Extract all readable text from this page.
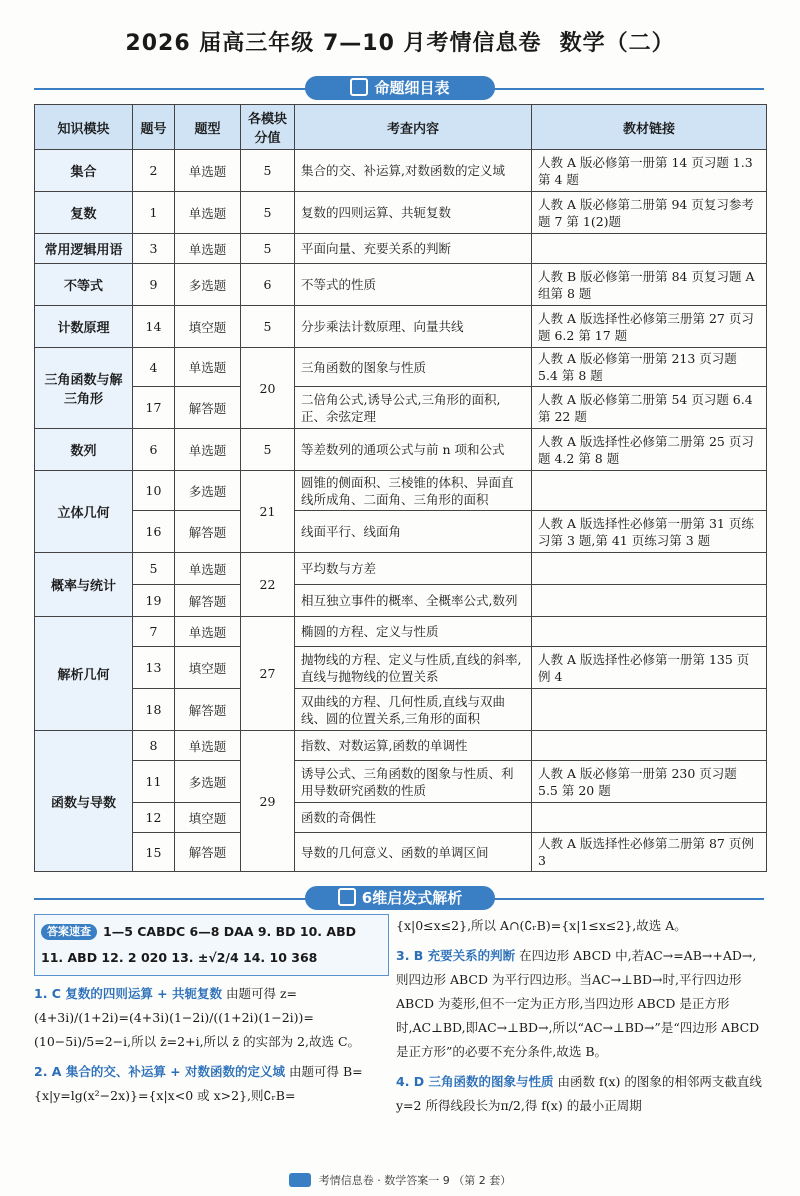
2026 届高三年级 7—10 月考情信息卷 数学（二）
命题细目表
知识模块	题号	题型	各模块分值	考查内容	教材链接
集合	2	单选题	5	集合的交、补运算,对数函数的定义域	人教 A 版必修第一册第 14 页习题 1.3 第 4 题
复数	1	单选题	5	复数的四则运算、共轭复数	人教 A 版必修第二册第 94 页复习参考题 7 第 1(2)题
常用逻辑用语	3	单选题	5	平面向量、充要关系的判断	
不等式	9	多选题	6	不等式的性质	人教 B 版必修第一册第 84 页复习题 A 组第 8 题
计数原理	14	填空题	5	分步乘法计数原理、向量共线	人教 A 版选择性必修第三册第 27 页习题 6.2 第 17 题
三角函数与解三角形	4	单选题	20	三角函数的图象与性质	人教 A 版必修第一册第 213 页习题 5.4 第 8 题
	17	解答题		二倍角公式,诱导公式,三角形的面积,正、余弦定理	人教 A 版必修第二册第 54 页习题 6.4 第 22 题
数列	6	单选题	5	等差数列的通项公式与前 n 项和公式	人教 A 版选择性必修第二册第 25 页习题 4.2 第 8 题
立体几何	10	多选题	21	圆锥的侧面积、三棱锥的体积、异面直线所成角、二面角、三角形的面积	
	16	解答题		线面平行、线面角	人教 A 版选择性必修第一册第 31 页练习第 3 题,第 41 页练习第 3 题
概率与统计	5	单选题	22	平均数与方差	
	19	解答题		相互独立事件的概率、全概率公式,数列	
解析几何	7	单选题	27	椭圆的方程、定义与性质	
	13	填空题		抛物线的方程、定义与性质,直线的斜率,直线与抛物线的位置关系	人教 A 版选择性必修第一册第 135 页例 4
	18	解答题		双曲线的方程、几何性质,直线与双曲线、圆的位置关系,三角形的面积	
函数与导数	8	单选题	29	指数、对数运算,函数的单调性	
	11	多选题		诱导公式、三角函数的图象与性质、利用导数研究函数的性质	人教 A 版必修第一册第 230 页习题 5.5 第 20 题
	12	填空题		函数的奇偶性	
	15	解答题		导数的几何意义、函数的单调区间	人教 A 版选择性必修第二册第 87 页例 3
6维启发式解析
答案速查 1—5 CABDC 6—8 DAA 9. BD 10. ABD
11. ABD 12. 2 020 13. ±√2/4 14. 10 368
1. C 复数的四则运算 + 共轭复数 由题可得 z=(4+3i)/(1+2i)=(4+3i)(1−2i)/((1+2i)(1−2i))=(10−5i)/5=2−i,所以 z̄=2+i,所以 z̄ 的实部为 2,故选 C。
2. A 集合的交、补运算 + 对数函数的定义域 由题可得 B={x|y=lg(x²−2x)}={x|x<0 或 x>2},则∁ᵣB=
{x|0≤x≤2},所以 A∩(∁ᵣB)={x|1≤x≤2},故选 A。
3. B 充要关系的判断 在四边形 ABCD 中,若AC→=AB→+AD→,则四边形 ABCD 为平行四边形。当AC→⊥BD→时,平行四边形 ABCD 为菱形,但不一定为正方形,当四边形 ABCD 是正方形时,AC⊥BD,即AC→⊥BD→,所以“AC→⊥BD→”是“四边形 ABCD 是正方形”的必要不充分条件,故选 B。
4. D 三角函数的图象与性质 由函数 f(x) 的图象的相邻两支截直线 y=2 所得线段长为π/2,得 f(x) 的最小正周期
考情信息卷 · 数学答案一 9 （第 2 套）
